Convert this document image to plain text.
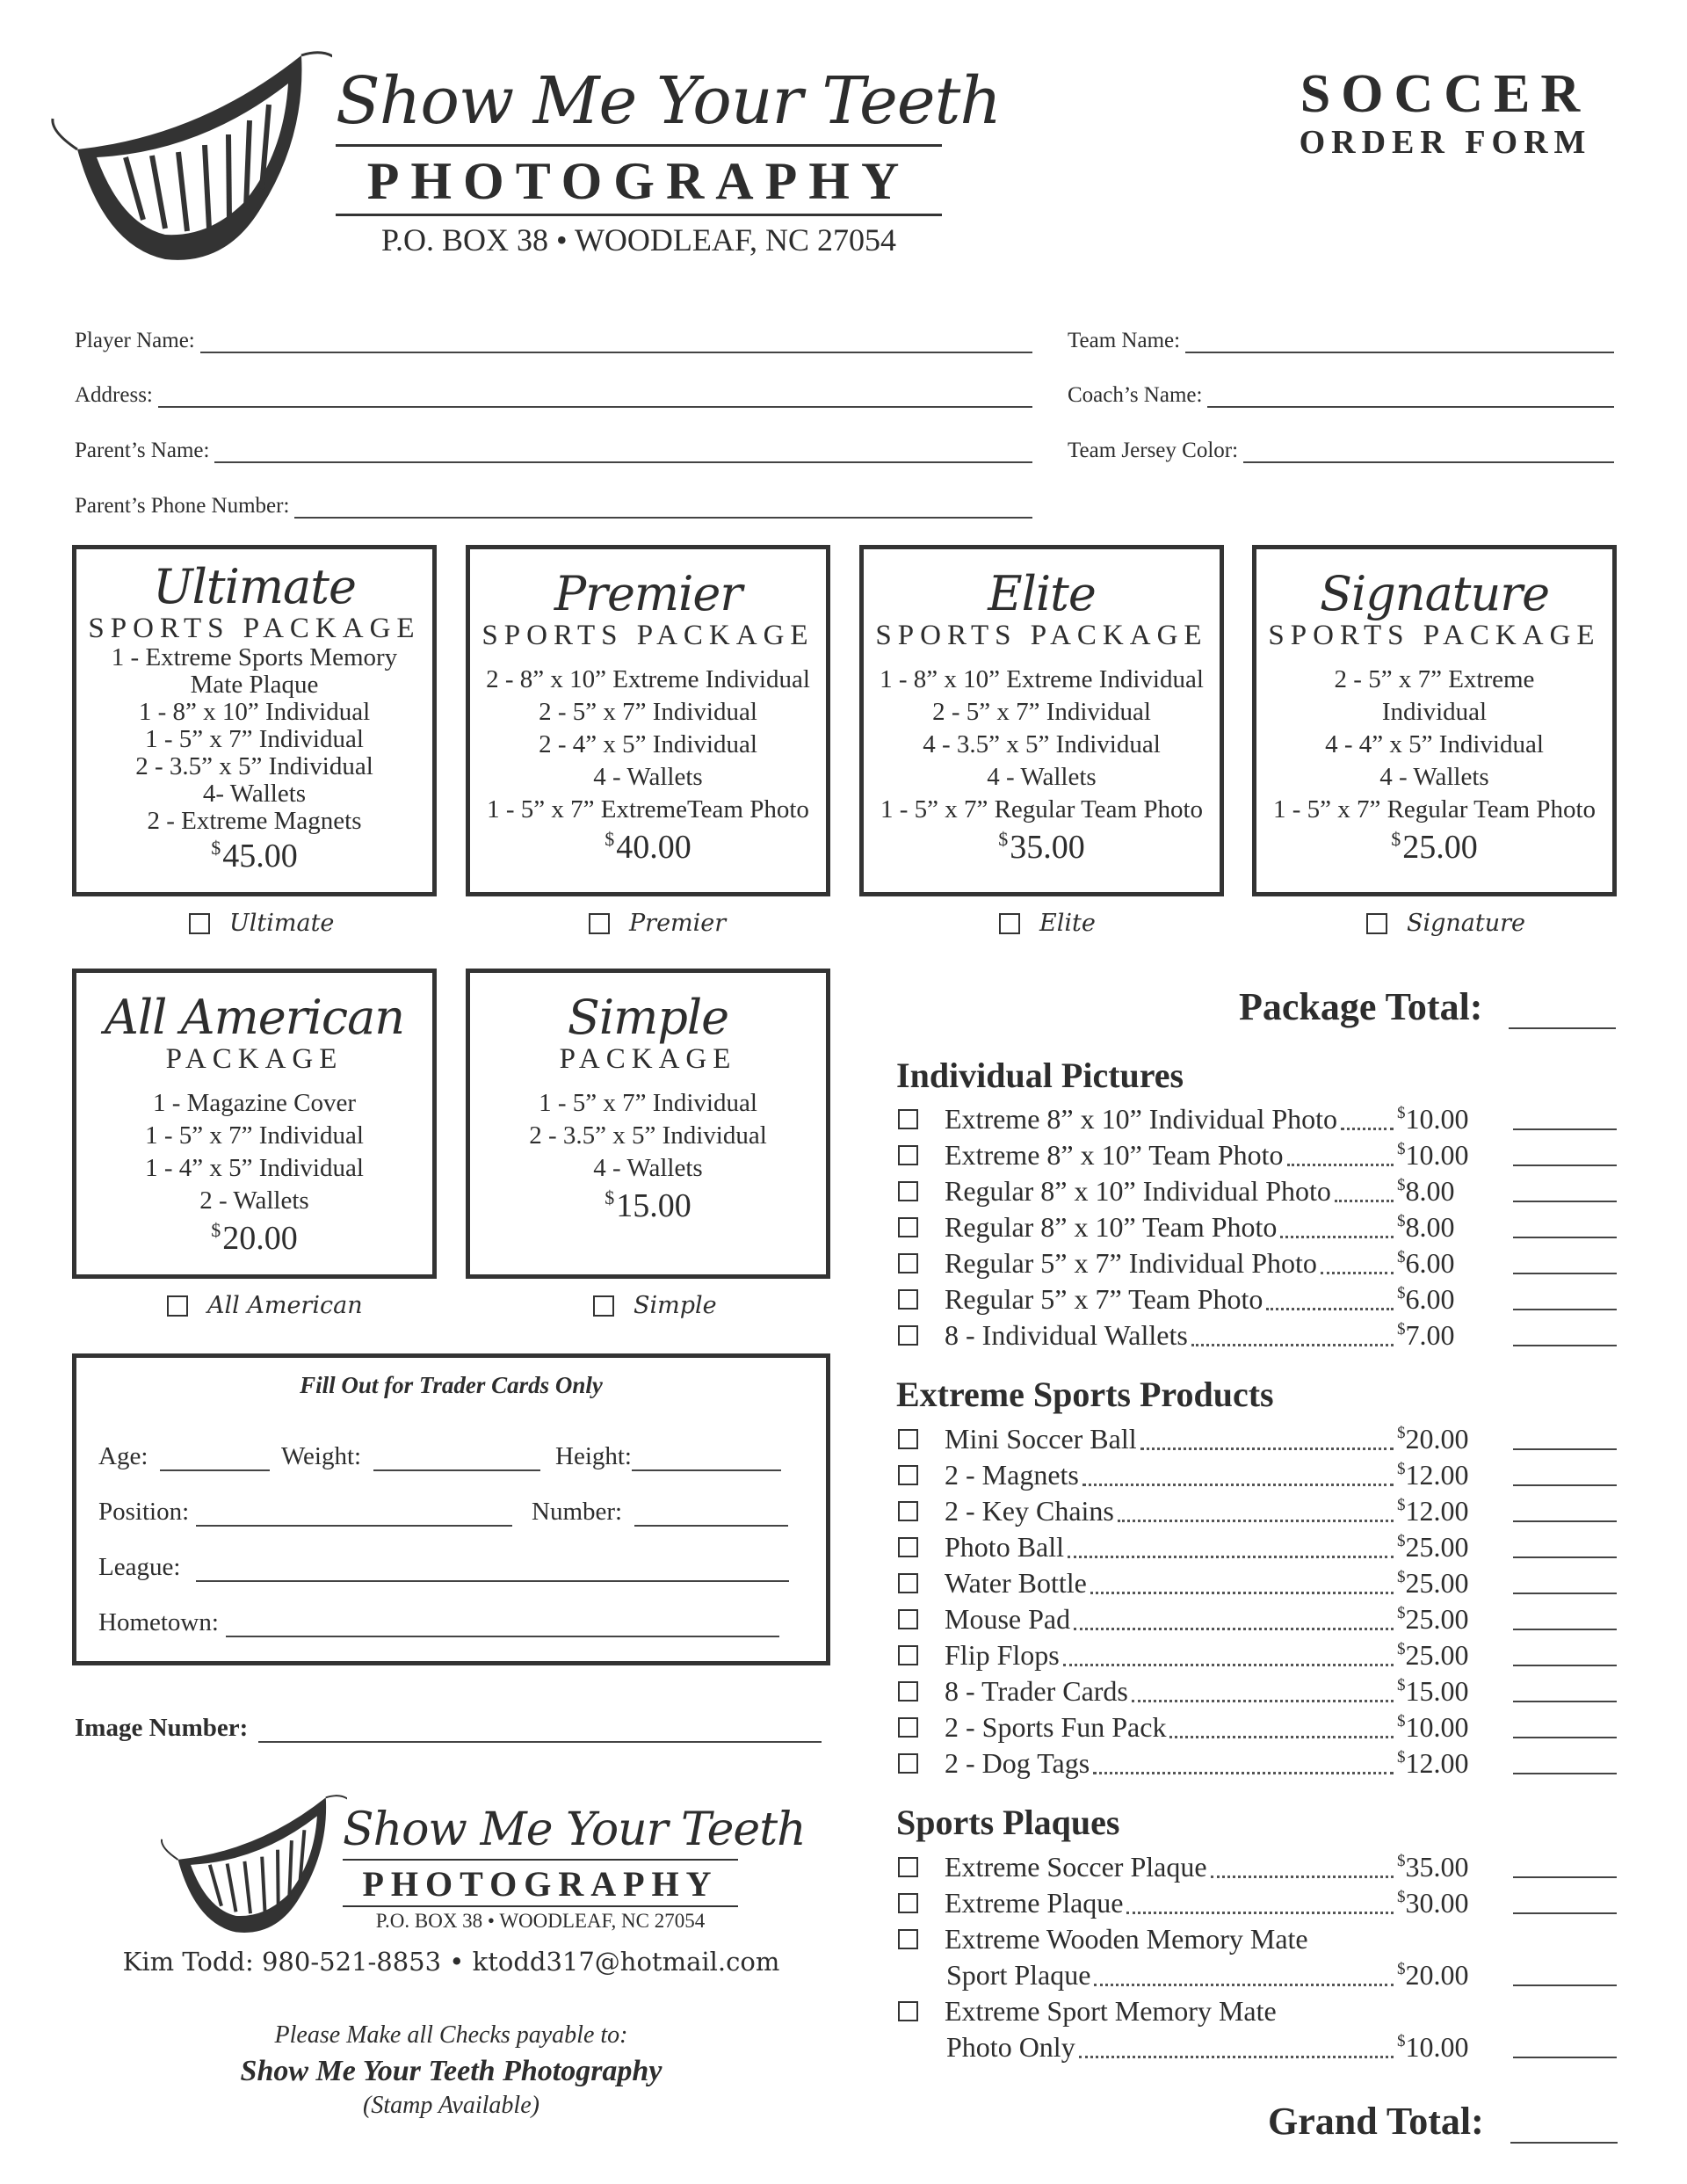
Show Me Your Teeth
PHOTOGRAPHY
P.O. BOX 38 • WOODLEAF, NC 27054
SOCCER
ORDER FORM
Player Name:
Address:
Parent’s Name:
Parent’s Phone Number:
Team Name:
Coach’s Name:
Team Jersey Color:
Ultimate
SPORTS PACKAGE
1 - Extreme Sports Memory
Mate Plaque
1 - 8” x 10” Individual
1 - 5” x 7” Individual
2 - 3.5” x 5” Individual
4- Wallets
2 - Extreme Magnets
$45.00
Ultimate
Premier
SPORTS PACKAGE
2 - 8” x 10” Extreme Individual
2 - 5” x 7” Individual
2 - 4” x 5” Individual
4 - Wallets
1 - 5” x 7” ExtremeTeam Photo
$40.00
Premier
Elite
SPORTS PACKAGE
1 - 8” x 10” Extreme Individual
2 - 5” x 7” Individual
4 - 3.5” x 5” Individual
4 - Wallets
1 - 5” x 7” Regular Team Photo
$35.00
Elite
Signature
SPORTS PACKAGE
2 - 5” x 7” Extreme
Individual
4 - 4” x 5” Individual
4 - Wallets
1 - 5” x 7” Regular Team Photo
$25.00
Signature
All American
PACKAGE
1 - Magazine Cover
1 - 5” x 7” Individual
1 - 4” x 5” Individual
2 - Wallets
$20.00
All American
Simple
PACKAGE
1 - 5” x 7” Individual
2 - 3.5” x 5” Individual
4 - Wallets
$15.00
Simple
Fill Out for Trader Cards Only
Age:	Weight:	Height:
Position:	Number:
League:
Hometown:
Image Number:
Show Me Your Teeth
PHOTOGRAPHY
P.O. BOX 38 • WOODLEAF, NC 27054
Kim Todd: 980-521-8853 • ktodd317@hotmail.com
Please Make all Checks payable to:
Show Me Your Teeth Photography
(Stamp Available)
Package Total:
Individual Pictures
Extreme 8” x 10” Individual Photo	$10.00
Extreme 8” x 10” Team Photo	$10.00
Regular 8” x 10” Individual Photo	$8.00
Regular 8” x 10” Team Photo	$8.00
Regular 5” x 7” Individual Photo	$6.00
Regular 5” x 7” Team Photo	$6.00
8 - Individual Wallets	$7.00
Extreme Sports Products
Mini Soccer Ball	$20.00
2 - Magnets	$12.00
2 - Key Chains	$12.00
Photo Ball	$25.00
Water Bottle	$25.00
Mouse Pad	$25.00
Flip Flops	$25.00
8 - Trader Cards	$15.00
2 - Sports Fun Pack	$10.00
2 - Dog Tags	$12.00
Sports Plaques
Extreme Soccer Plaque	$35.00
Extreme Plaque	$30.00
Extreme Wooden Memory Mate
Sport Plaque	$20.00
Extreme Sport Memory Mate
Photo Only	$10.00
Grand Total:
